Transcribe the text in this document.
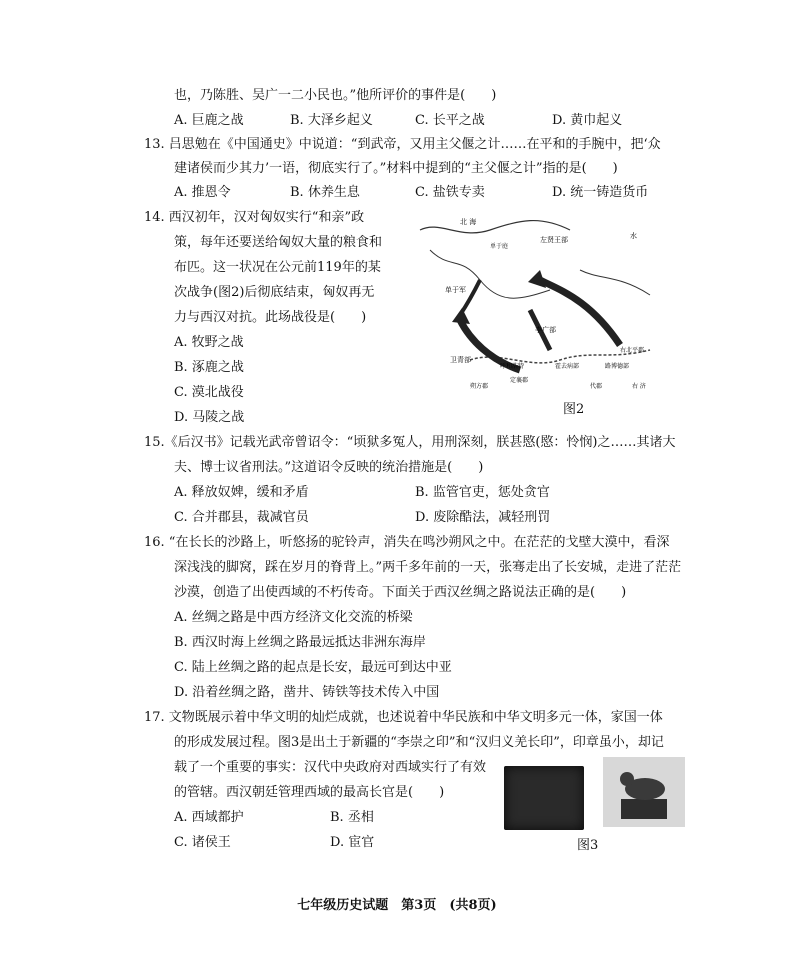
也，乃陈胜、吴广一二小民也。”他所评价的事件是(　　)
A. 巨鹿之战	B. 大泽乡起义	C. 长平之战	D. 黄巾起义
13. 吕思勉在《中国通史》中说道：“到武帝，又用主父偃之计……在平和的手腕中，把‘众
建诸侯而少其力’一语，彻底实行了。”材料中提到的“主父偃之计”指的是(　　)
A. 推恩令	B. 休养生息	C. 盐铁专卖	D. 统一铸造货币
14. 西汉初年，汉对匈奴实行“和亲”政
策，每年还要送给匈奴大量的粮食和
布匹。这一状况在公元前119年的某
次战争(图2)后彻底结束，匈奴再无
力与西汉对抗。此场战役是(　　)
A. 牧野之战
B. 涿鹿之战
C. 漠北战役
D. 马陵之战
北 海
左贤王部	水
单于庭
单于军
李广部
右北平郡
卫青部
呼和浩特	霍去病部	路博德部
定襄郡
朔方郡	代郡	右 济
图2
15.《后汉书》记载光武帝曾诏令：“顷狱多冤人，用刑深刻，朕甚愍(愍：怜悯)之……其诸大
夫、博士议省刑法。”这道诏令反映的统治措施是(　　)
A. 释放奴婢，缓和矛盾	B. 监管官吏，惩处贪官
C. 合并郡县，裁减官员	D. 废除酷法，减轻刑罚
16. “在长长的沙路上，听悠扬的驼铃声，消失在鸣沙朔风之中。在茫茫的戈壁大漠中，看深
深浅浅的脚窝，踩在岁月的脊背上。”两千多年前的一天，张骞走出了长安城，走进了茫茫
沙漠，创造了出使西域的不朽传奇。下面关于西汉丝绸之路说法正确的是(　　)
A. 丝绸之路是中西方经济文化交流的桥梁
B. 西汉时海上丝绸之路最远抵达非洲东海岸
C. 陆上丝绸之路的起点是长安，最远可到达中亚
D. 沿着丝绸之路，凿井、铸铁等技术传入中国
17. 文物既展示着中华文明的灿烂成就，也述说着中华民族和中华文明多元一体，家国一体
的形成发展过程。图3是出土于新疆的“李崇之印”和“汉归义羌长印”，印章虽小，却记
载了一个重要的事实：汉代中央政府对西域实行了有效
的管辖。西汉朝廷管理西域的最高长官是(　　)
A. 西域都护	B. 丞相
C. 诸侯王	D. 宦官	图3
七年级历史试题　第3页　(共8页)
